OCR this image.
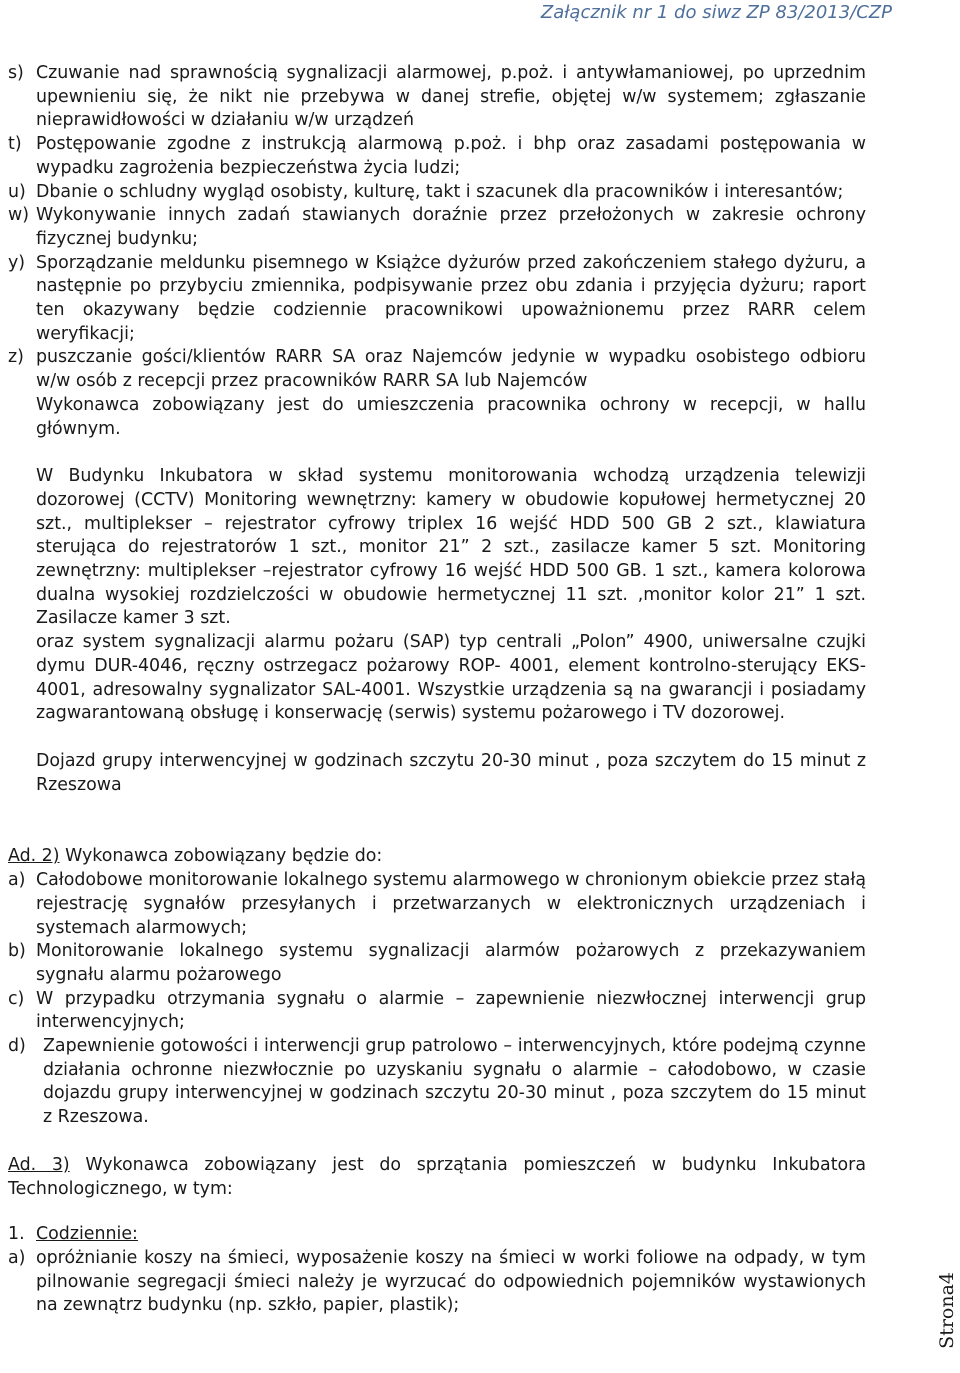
Załącznik nr 1 do siwz ZP 83/2013/CZP
s) Czuwanie nad sprawnością sygnalizacji alarmowej, p.poż. i antywłamaniowej, po uprzednim upewnieniu się, że nikt nie przebywa w danej strefie, objętej w/w systemem; zgłaszanie nieprawidłowości w działaniu w/w urządzeń
t) Postępowanie zgodne z instrukcją alarmową p.poż. i bhp oraz zasadami postępowania w wypadku zagrożenia bezpieczeństwa życia ludzi;
u) Dbanie o schludny wygląd osobisty, kulturę, takt i szacunek dla pracowników i interesantów;
w) Wykonywanie innych zadań stawianych doraźnie przez przełożonych w zakresie ochrony fizycznej budynku;
y) Sporządzanie meldunku pisemnego w Książce dyżurów przed zakończeniem stałego dyżuru, a następnie po przybyciu zmiennika, podpisywanie przez obu zdania i przyjęcia dyżuru; raport ten okazywany będzie codziennie pracownikowi upoważnionemu przez RARR celem weryfikacji;
z) puszczanie gości/klientów RARR SA oraz Najemców jedynie w wypadku osobistego odbioru w/w osób z recepcji przez pracowników RARR SA lub Najemców
Wykonawca zobowiązany jest do umieszczenia pracownika ochrony w recepcji, w hallu głównym.
W Budynku Inkubatora w skład systemu monitorowania wchodzą urządzenia telewizji dozorowej (CCTV) Monitoring wewnętrzny: kamery w obudowie kopułowej hermetycznej 20 szt., multiplekser – rejestrator cyfrowy triplex 16 wejść HDD 500 GB 2 szt., klawiatura sterująca do rejestratorów 1 szt., monitor 21” 2 szt., zasilacze kamer 5 szt. Monitoring zewnętrzny: multiplekser –rejestrator cyfrowy 16 wejść HDD 500 GB. 1 szt., kamera kolorowa dualna wysokiej rozdzielczości w obudowie hermetycznej 11 szt. ,monitor kolor 21” 1 szt. Zasilacze kamer 3 szt.
oraz system sygnalizacji alarmu pożaru (SAP) typ centrali „Polon” 4900, uniwersalne czujki dymu DUR-4046, ręczny ostrzegacz pożarowy ROP- 4001, element kontrolno-sterujący EKS- 4001, adresowalny sygnalizator SAL-4001. Wszystkie urządzenia są na gwarancji i posiadamy zagwarantowaną obsługę i konserwację (serwis) systemu pożarowego i TV dozorowej.
Dojazd grupy interwencyjnej w godzinach szczytu 20-30 minut , poza szczytem do 15 minut z Rzeszowa
Ad. 2) Wykonawca zobowiązany będzie do:
a) Całodobowe monitorowanie lokalnego systemu alarmowego w chronionym obiekcie przez stałą rejestrację sygnałów przesyłanych i przetwarzanych w elektronicznych urządzeniach i systemach alarmowych;
b) Monitorowanie lokalnego systemu sygnalizacji alarmów pożarowych z przekazywaniem sygnału alarmu pożarowego
c) W przypadku otrzymania sygnału o alarmie – zapewnienie niezwłocznej interwencji grup interwencyjnych;
d) Zapewnienie gotowości i interwencji grup patrolowo – interwencyjnych, które podejmą czynne działania ochronne niezwłocznie po uzyskaniu sygnału o alarmie – całodobowo, w czasie dojazdu grupy interwencyjnej w godzinach szczytu 20-30 minut , poza szczytem do 15 minut z Rzeszowa.
Ad. 3) Wykonawca zobowiązany jest do sprzątania pomieszczeń w budynku Inkubatora Technologicznego, w tym:
1. Codziennie:
a) opróżnianie koszy na śmieci, wyposażenie koszy na śmieci w worki foliowe na odpady, w tym pilnowanie segregacji śmieci należy je wyrzucać do odpowiednich pojemników wystawionych na zewnątrz budynku (np. szkło, papier, plastik);	Strona4
